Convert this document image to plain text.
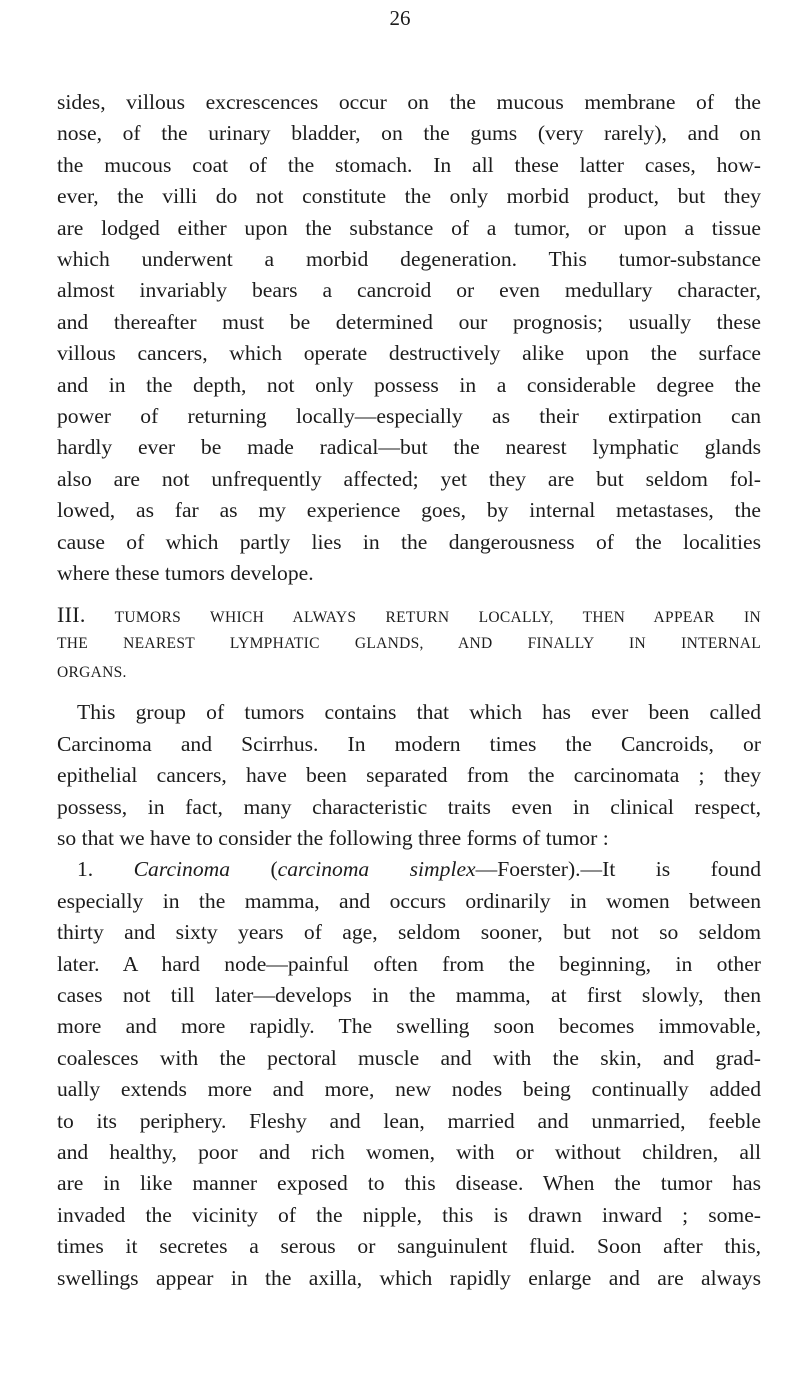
26
sides, villous excrescences occur on the mucous membrane of the
nose, of the urinary bladder, on the gums (very rarely), and on
the mucous coat of the stomach. In all these latter cases, how-
ever, the villi do not constitute the only morbid product, but they
are lodged either upon the substance of a tumor, or upon a tissue
which underwent a morbid degeneration. This tumor-substance
almost invariably bears a cancroid or even medullary character,
and thereafter must be determined our prognosis; usually these
villous cancers, which operate destructively alike upon the surface
and in the depth, not only possess in a considerable degree the
power of returning locally—especially as their extirpation can
hardly ever be made radical—but the nearest lymphatic glands
also are not unfrequently affected; yet they are but seldom fol-
lowed, as far as my experience goes, by internal metastases, the
cause of which partly lies in the dangerousness of the localities
where these tumors develope.
III. TUMORS WHICH ALWAYS RETURN LOCALLY, THEN APPEAR IN
THE NEAREST LYMPHATIC GLANDS, AND FINALLY IN INTERNAL
ORGANS.
This group of tumors contains that which has ever been called
Carcinoma and Scirrhus. In modern times the Cancroids, or
epithelial cancers, have been separated from the carcinomata ; they
possess, in fact, many characteristic traits even in clinical respect,
so that we have to consider the following three forms of tumor :
1. Carcinoma (carcinoma simplex—Foerster).—It is found
especially in the mamma, and occurs ordinarily in women between
thirty and sixty years of age, seldom sooner, but not so seldom
later. A hard node—painful often from the beginning, in other
cases not till later—develops in the mamma, at first slowly, then
more and more rapidly. The swelling soon becomes immovable,
coalesces with the pectoral muscle and with the skin, and grad-
ually extends more and more, new nodes being continually added
to its periphery. Fleshy and lean, married and unmarried, feeble
and healthy, poor and rich women, with or without children, all
are in like manner exposed to this disease. When the tumor has
invaded the vicinity of the nipple, this is drawn inward ; some-
times it secretes a serous or sanguinulent fluid. Soon after this,
swellings appear in the axilla, which rapidly enlarge and are always
